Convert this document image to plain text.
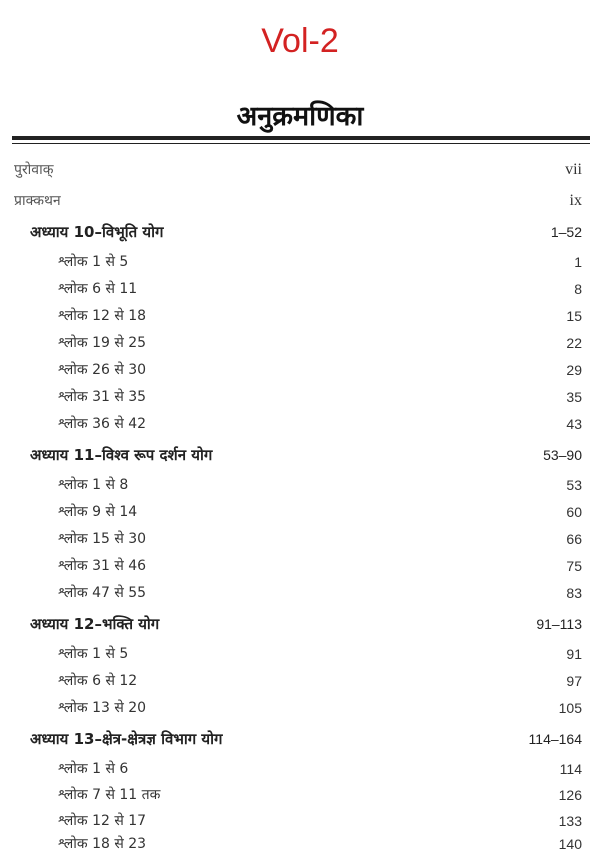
Vol-2
अनुक्रमणिका
पुरोवाक्	vii
प्राक्कथन	ix
अध्याय 10–विभूति योग	1–52
श्लोक 1 से 5	1
श्लोक 6 से 11	8
श्लोक 12 से 18	15
श्लोक 19 से 25	22
श्लोक 26 से 30	29
श्लोक 31 से 35	35
श्लोक 36 से 42	43
अध्याय 11–विश्व रूप दर्शन योग	53–90
श्लोक 1 से 8	53
श्लोक 9 से 14	60
श्लोक 15 से 30	66
श्लोक 31 से 46	75
श्लोक 47 से 55	83
अध्याय 12–भक्ति योग	91–113
श्लोक 1 से 5	91
श्लोक 6 से 12	97
श्लोक 13 से 20	105
अध्याय 13–क्षेत्र-क्षेत्रज्ञ विभाग योग	114–164
श्लोक 1 से 6	114
श्लोक 7 से 11 तक	126
श्लोक 12 से 17	133
श्लोक 18 से 23	140
